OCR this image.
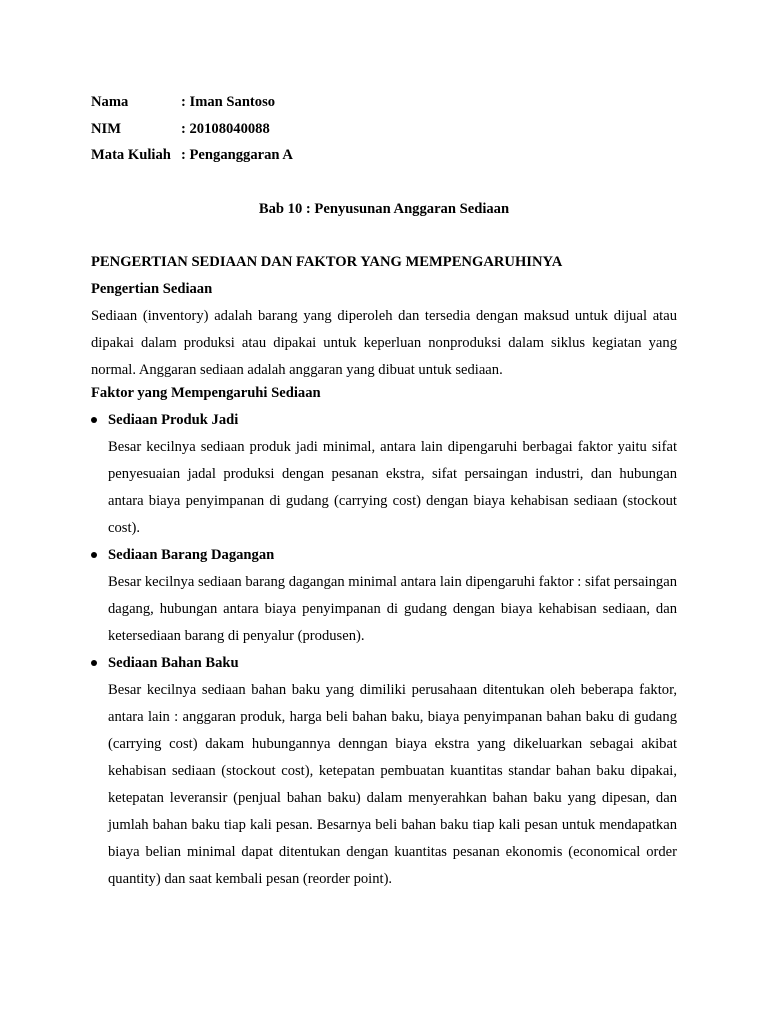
Nama	: Iman Santoso
NIM	: 20108040088
Mata Kuliah : Penganggaran A
Bab 10 : Penyusunan Anggaran Sediaan
PENGERTIAN SEDIAAN DAN FAKTOR YANG MEMPENGARUHINYA
Pengertian Sediaan

Sediaan (inventory) adalah barang yang diperoleh dan tersedia dengan maksud untuk dijual atau dipakai dalam produksi atau dipakai untuk keperluan nonproduksi dalam siklus kegiatan yang normal. Anggaran sediaan adalah anggaran yang dibuat untuk sediaan.

Faktor yang Mempengaruhi Sediaan
Sediaan Produk Jadi

Besar kecilnya sediaan produk jadi minimal, antara lain dipengaruhi berbagai faktor yaitu sifat penyesuaian jadal produksi dengan pesanan ekstra, sifat persaingan industri, dan hubungan antara biaya penyimpanan di gudang (carrying cost) dengan biaya kehabisan sediaan (stockout cost).

Sediaan Barang Dagangan

Besar kecilnya sediaan barang dagangan minimal antara lain dipengaruhi faktor : sifat persaingan dagang, hubungan antara biaya penyimpanan di gudang dengan biaya kehabisan sediaan, dan ketersediaan barang di penyalur (produsen).

Sediaan Bahan Baku

Besar kecilnya sediaan bahan baku yang dimiliki perusahaan ditentukan oleh beberapa faktor, antara lain : anggaran produk, harga beli bahan baku, biaya penyimpanan bahan baku di gudang (carrying cost) dakam hubungannya denngan biaya ekstra yang dikeluarkan sebagai akibat kehabisan sediaan (stockout cost), ketepatan pembuatan kuantitas standar bahan baku dipakai, ketepatan leveransir (penjual bahan baku) dalam menyerahkan bahan baku yang dipesan, dan jumlah bahan baku tiap kali pesan. Besarnya beli bahan baku tiap kali pesan untuk mendapatkan biaya belian minimal dapat ditentukan dengan kuantitas pesanan ekonomis (economical order quantity) dan saat kembali pesan (reorder point).
